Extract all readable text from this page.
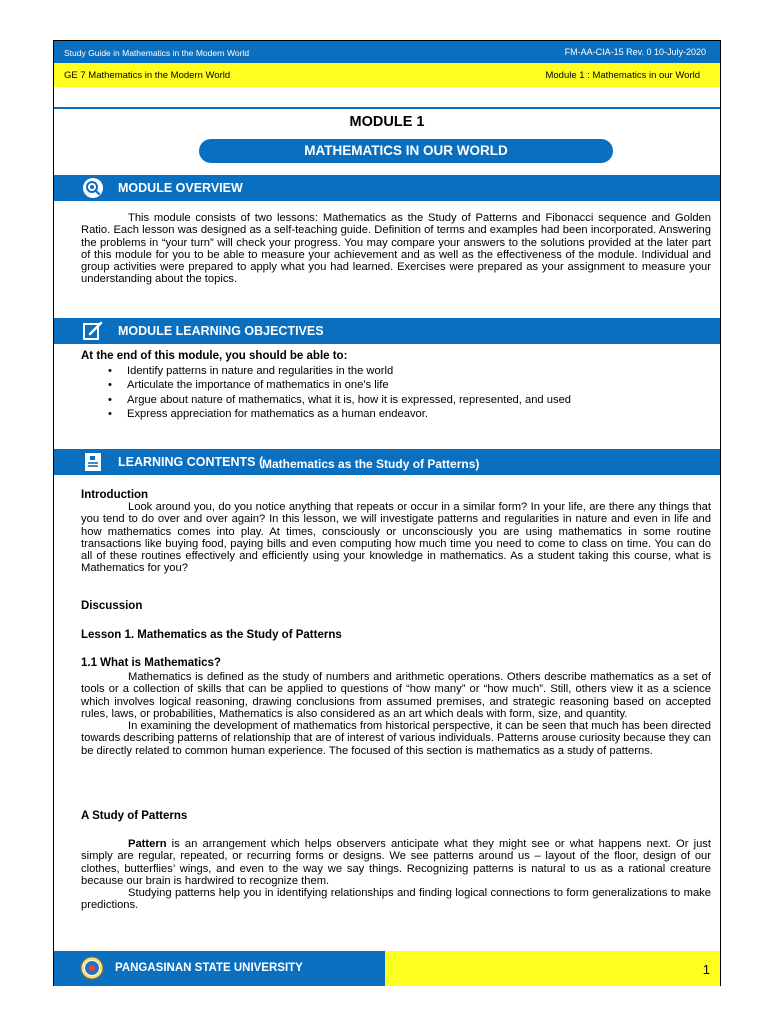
Study Guide in Mathematics in the Modern World	FM-AA-CIA-15 Rev. 0 10-July-2020
GE 7 Mathematics in the Modern World	Module 1 : Mathematics in our World
MODULE 1
MATHEMATICS IN OUR WORLD
MODULE OVERVIEW

This module consists of two lessons: Mathematics as the Study of Patterns and Fibonacci sequence and Golden Ratio. Each lesson was designed as a self-teaching guide. Definition of terms and examples had been incorporated. Answering the problems in “your turn” will check your progress. You may compare your answers to the solutions provided at the later part of this module for you to be able to measure your achievement and as well as the effectiveness of the module. Individual and group activities were prepared to apply what you had learned. Exercises were prepared as your assignment to measure your understanding about the topics.

MODULE LEARNING OBJECTIVES
At the end of this module, you should be able to:
• Identify patterns in nature and regularities in the world
• Articulate the importance of mathematics in one’s life
• Argue about nature of mathematics, what it is, how it is expressed, represented, and used
• Express appreciation for mathematics as a human endeavor.
LEARNING CONTENTS (
Mathematics as the Study of Patterns)
Introduction

Look around you, do you notice anything that repeats or occur in a similar form? In your life, are there any things that you tend to do over and over again? In this lesson, we will investigate patterns and regularities in nature and even in life and how mathematics comes into play. At times, consciously or unconsciously you are using mathematics in some routine transactions like buying food, paying bills and even computing how much time you need to come to class on time. You can do all of these routines effectively and efficiently using your knowledge in mathematics. As a student taking this course, what is Mathematics for you?

Discussion
Lesson 1. Mathematics as the Study of Patterns
1.1 What is Mathematics?

Mathematics is defined as the study of numbers and arithmetic operations. Others describe mathematics as a set of tools or a collection of skills that can be applied to questions of “how many” or “how much”. Still, others view it as a science which involves logical reasoning, drawing conclusions from assumed premises, and strategic reasoning based on accepted rules, laws, or probabilities, Mathematics is also considered as an art which deals with form, size, and quantity.

In examining the development of mathematics from historical perspective, it can be seen that much has been directed towards describing patterns of relationship that are of interest of various individuals. Patterns arouse curiosity because they can be directly related to common human experience. The focused of this section is mathematics as a study of patterns.

A Study of Patterns

Pattern is an arrangement which helps observers anticipate what they might see or what happens next. Or just simply are regular, repeated, or recurring forms or designs. We see patterns around us – layout of the floor, design of our clothes, butterflies’ wings, and even to the way we say things. Recognizing patterns is natural to us as a rational creature because our brain is hardwired to recognize them.

Studying patterns help you in identifying relationships and finding logical connections to form generalizations to make predictions.

PANGASINAN STATE UNIVERSITY	1
